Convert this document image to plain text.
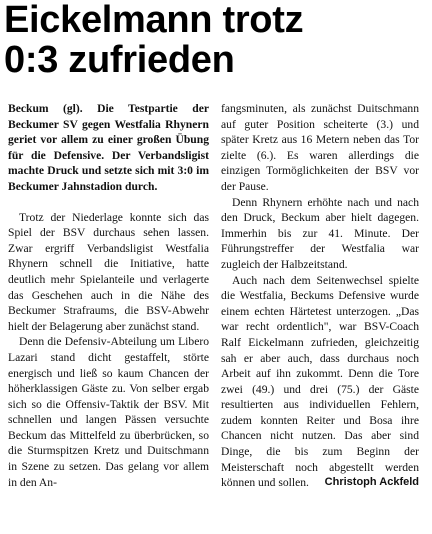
Eickelmann trotz
0:3 zufrieden

Beckum (gl). Die Testpartie der Beckumer SV gegen Westfalia Rhynern geriet vor allem zu einer großen Übung für die Defensive. Der Verbandsligist machte Druck und setzte sich mit 3:0 im Beckumer Jahnstadion durch.

Trotz der Niederlage konnte sich das Spiel der BSV durchaus sehen lassen. Zwar ergriff Verbandsligist Westfalia Rhynern schnell die Initiative, hatte deutlich mehr Spielanteile und verlagerte das Geschehen auch in die Nähe des Beckumer Strafraums, die BSV-Abwehr hielt der Belagerung aber zunächst stand.

Denn die Defensiv-Abteilung um Libero Lazari stand dicht gestaffelt, störte energisch und ließ so kaum Chancen der höherklassigen Gäste zu. Von selber ergab sich so die Offensiv-Taktik der BSV. Mit schnellen und langen Pässen versuchte Beckum das Mittelfeld zu überbrücken, so die Sturmspitzen Kretz und Duitschmann in Szene zu setzen. Das gelang vor allem in den An-

fangsminuten, als zunächst Duitschmann auf guter Position scheiterte (3.) und später Kretz aus 16 Metern neben das Tor zielte (6.). Es waren allerdings die einzigen Tormöglichkeiten der BSV vor der Pause.

Denn Rhynern erhöhte nach und nach den Druck, Beckum aber hielt dagegen. Immerhin bis zur 41. Minute. Der Führungstreffer der Westfalia war zugleich der Halbzeitstand.

Auch nach dem Seitenwechsel spielte die Westfalia, Beckums Defensive wurde einem echten Härtetest unterzogen. „Das war recht ordentlich", war BSV-Coach Ralf Eickelmann zufrieden, gleichzeitig sah er aber auch, dass durchaus noch Arbeit auf ihn zukommt. Denn die Tore zwei (49.) und drei (75.) der Gäste resultierten aus individuellen Fehlern, zudem konnten Reiter und Bosa ihre Chancen nicht nutzen. Das aber sind Dinge, die bis zum Beginn der Meisterschaft noch abgestellt werden können und sollen.	Christoph Ackfeld
